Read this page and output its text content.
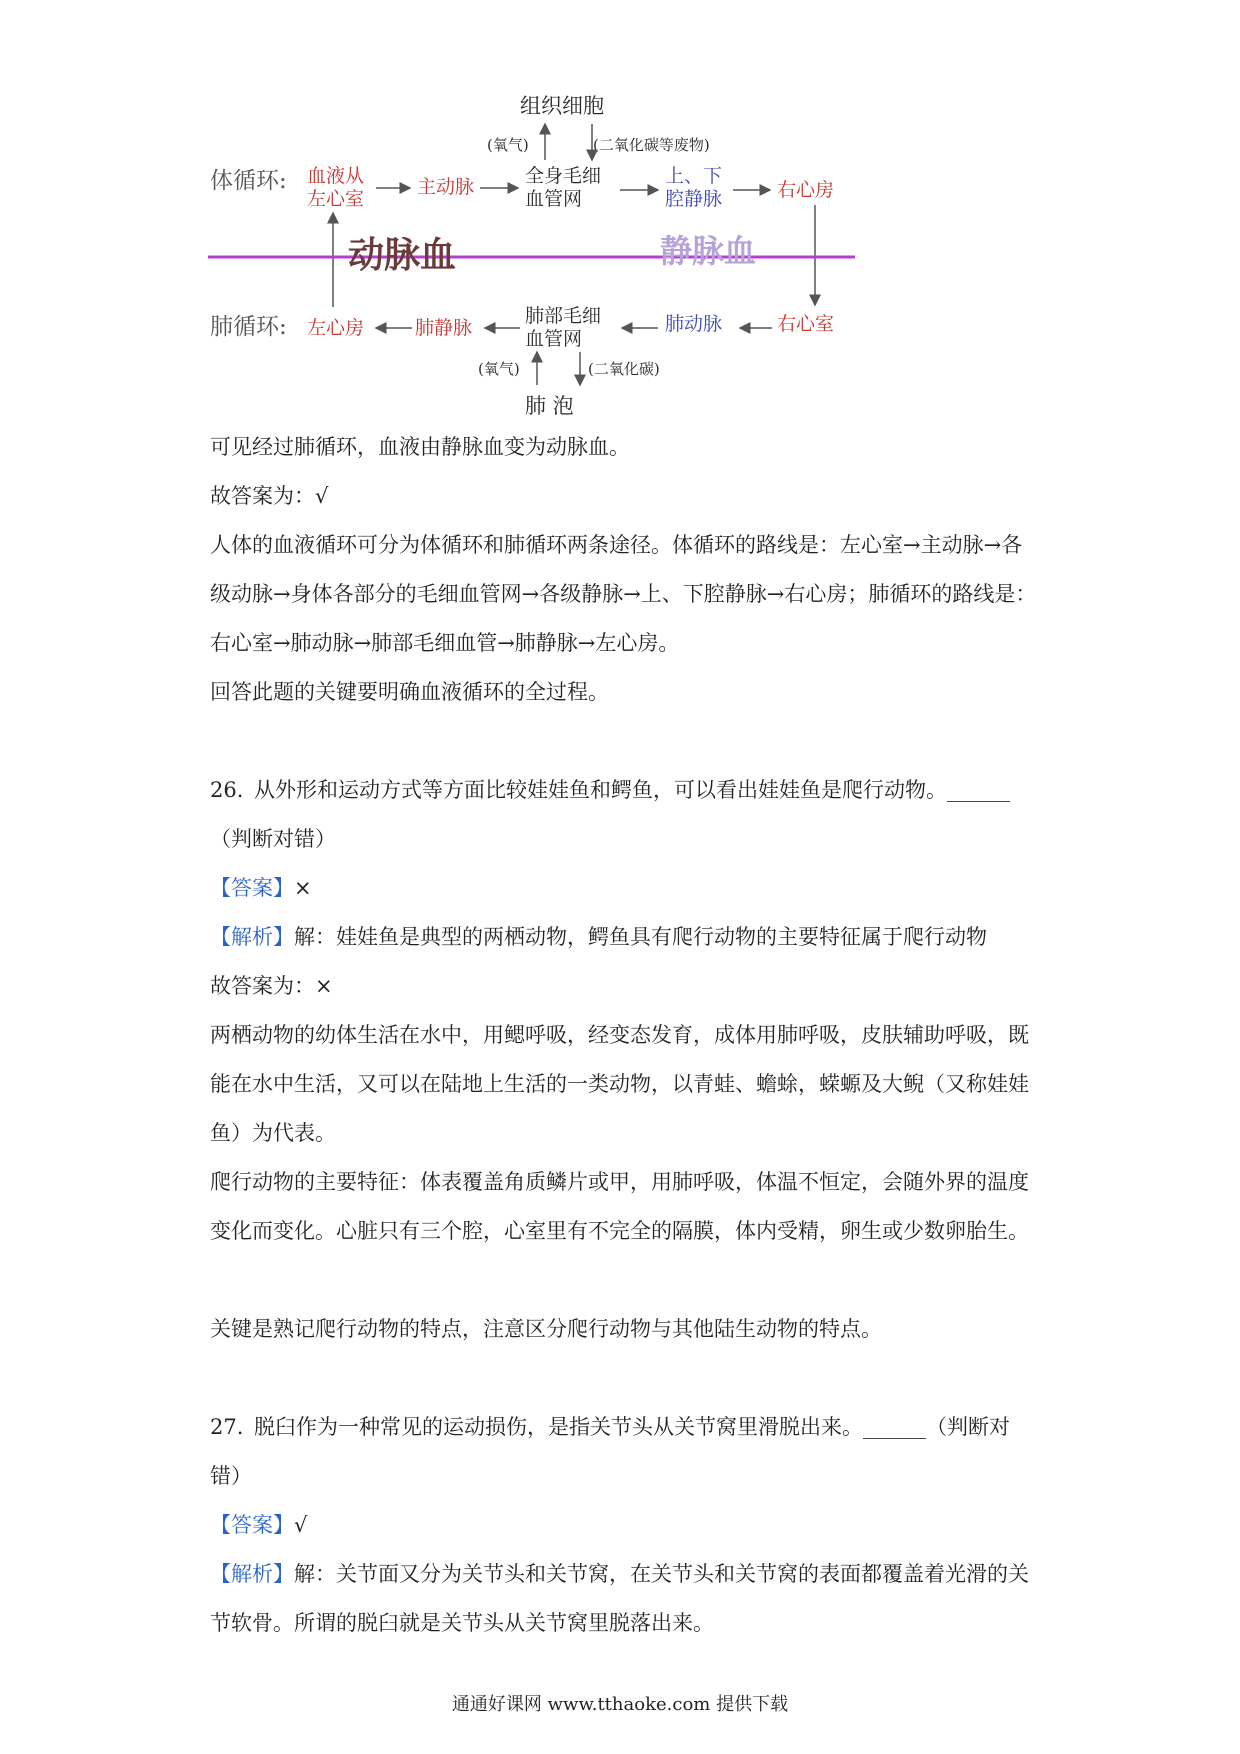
组织细胞
(氧气)	(二氧化碳等废物)
体循环: 血液从
左心室
主动脉	全身毛细
血管网
上、下
腔静脉	右心房
动脉血	静脉血
肺循环: 左心房	肺静脉
肺部毛细
血管网
肺动脉	右心室
(氧气)	(二氧化碳)
肺 泡

可见经过肺循环，血液由静脉血变为动脉血。

故答案为：√

人体的血液循环可分为体循环和肺循环两条途径。体循环的路线是：左心室→主动脉→各级动脉→身体各部分的毛细血管网→各级静脉→上、下腔静脉→右心房；肺循环的路线是：右心室→肺动脉→肺部毛细血管→肺静脉→左心房。

回答此题的关键要明确血液循环的全过程。

26. 从外形和运动方式等方面比较娃娃鱼和鳄鱼，可以看出娃娃鱼是爬行动物。______（判断对错）

【答案】×

【解析】解：娃娃鱼是典型的两栖动物，鳄鱼具有爬行动物的主要特征属于爬行动物

故答案为：×

两栖动物的幼体生活在水中，用鳃呼吸，经变态发育，成体用肺呼吸，皮肤辅助呼吸，既能在水中生活，又可以在陆地上生活的一类动物，以青蛙、蟾蜍，蝾螈及大鲵（又称娃娃鱼）为代表。

爬行动物的主要特征：体表覆盖角质鳞片或甲，用肺呼吸，体温不恒定，会随外界的温度变化而变化。心脏只有三个腔，心室里有不完全的隔膜，体内受精，卵生或少数卵胎生。

关键是熟记爬行动物的特点，注意区分爬行动物与其他陆生动物的特点。

27. 脱臼作为一种常见的运动损伤，是指关节头从关节窝里滑脱出来。______（判断对错）

【答案】√

【解析】解：关节面又分为关节头和关节窝，在关节头和关节窝的表面都覆盖着光滑的关节软骨。所谓的脱臼就是关节头从关节窝里脱落出来。

通通好课网 www.tthaoke.com 提供下载
